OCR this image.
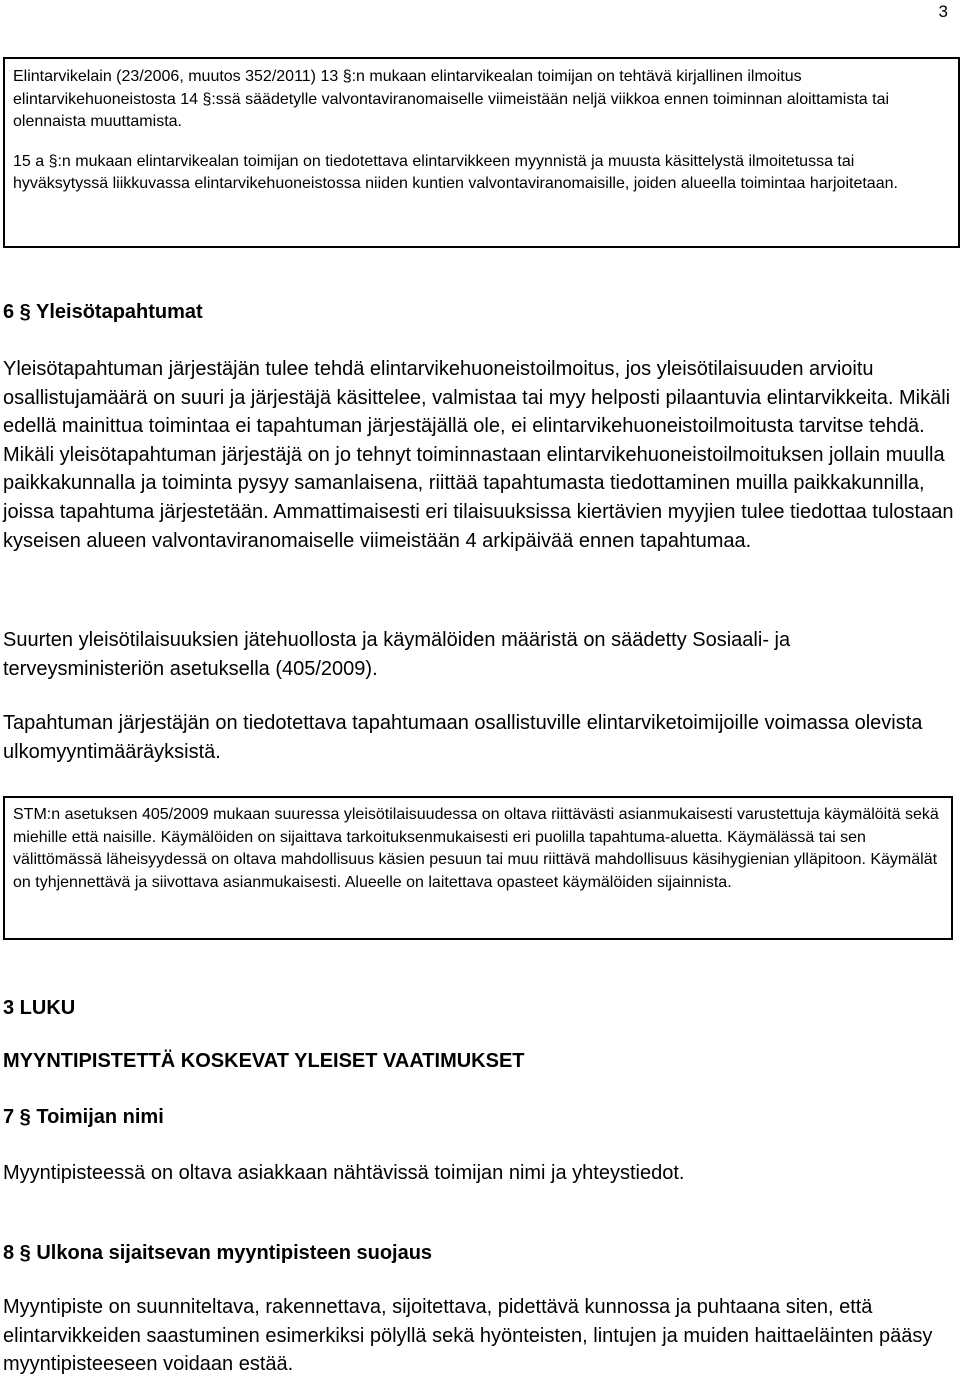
3

Elintarvikelain (23/2006, muutos 352/2011) 13 §:n mukaan elintarvikealan toimijan on tehtävä kirjallinen ilmoitus elintarvikehuoneistosta 14 §:ssä säädetylle valvontaviranomaiselle viimeistään neljä viikkoa ennen toiminnan aloittamista tai olennaista muuttamista.

15 a §:n mukaan elintarvikealan toimijan on tiedotettava elintarvikkeen myynnistä ja muusta käsittelystä ilmoitetussa tai hyväksytyssä liikkuvassa elintarvikehuoneistossa niiden kuntien valvontaviranomaisille, joiden alueella toimintaa harjoitetaan.

6 § Yleisötapahtumat

Yleisötapahtuman järjestäjän tulee tehdä elintarvikehuoneistoilmoitus, jos yleisötilaisuuden arvioitu osallistujamäärä on suuri ja järjestäjä käsittelee, valmistaa tai myy helposti pilaantuvia elintarvikkeita. Mikäli edellä mainittua toimintaa ei tapahtuman järjestäjällä ole, ei elintarvikehuoneistoilmoitusta tarvitse tehdä. Mikäli yleisötapahtuman järjestäjä on jo tehnyt toiminnastaan elintarvikehuoneistoilmoituksen jollain muulla paikkakunnalla ja toiminta pysyy samanlaisena, riittää tapahtumasta tiedottaminen muilla paikkakunnilla, joissa tapahtuma järjestetään. Ammattimaisesti eri tilaisuuksissa kiertävien myyjien tulee tiedottaa tulostaan kyseisen alueen valvontaviranomaiselle viimeistään 4 arkipäivää ennen tapahtumaa.

Suurten yleisötilaisuuksien jätehuollosta ja käymälöiden määristä on säädetty Sosiaali- ja terveysministeriön asetuksella (405/2009).

Tapahtuman järjestäjän on tiedotettava tapahtumaan osallistuville elintarviketoimijoille voimassa olevista ulkomyyntimääräyksistä.

STM:n asetuksen 405/2009 mukaan suuressa yleisötilaisuudessa on oltava riittävästi asianmukaisesti varustettuja käymälöitä sekä miehille että naisille. Käymälöiden on sijaittava tarkoituksenmukaisesti eri puolilla tapahtuma-aluetta. Käymälässä tai sen välittömässä läheisyydessä on oltava mahdollisuus käsien pesuun tai muu riittävä mahdollisuus käsihygienian ylläpitoon. Käymälät on tyhjennettävä ja siivottava asianmukaisesti. Alueelle on laitettava opasteet käymälöiden sijainnista.

3 LUKU
MYYNTIPISTETTÄ KOSKEVAT YLEISET VAATIMUKSET
7 § Toimijan nimi

Myyntipisteessä on oltava asiakkaan nähtävissä toimijan nimi ja yhteystiedot.

8 § Ulkona sijaitsevan myyntipisteen suojaus

Myyntipiste on suunniteltava, rakennettava, sijoitettava, pidettävä kunnossa ja puhtaana siten, että elintarvikkeiden saastuminen esimerkiksi pölyllä sekä hyönteisten, lintujen ja muiden haittaeläinten pääsy myyntipisteeseen voidaan estää.
